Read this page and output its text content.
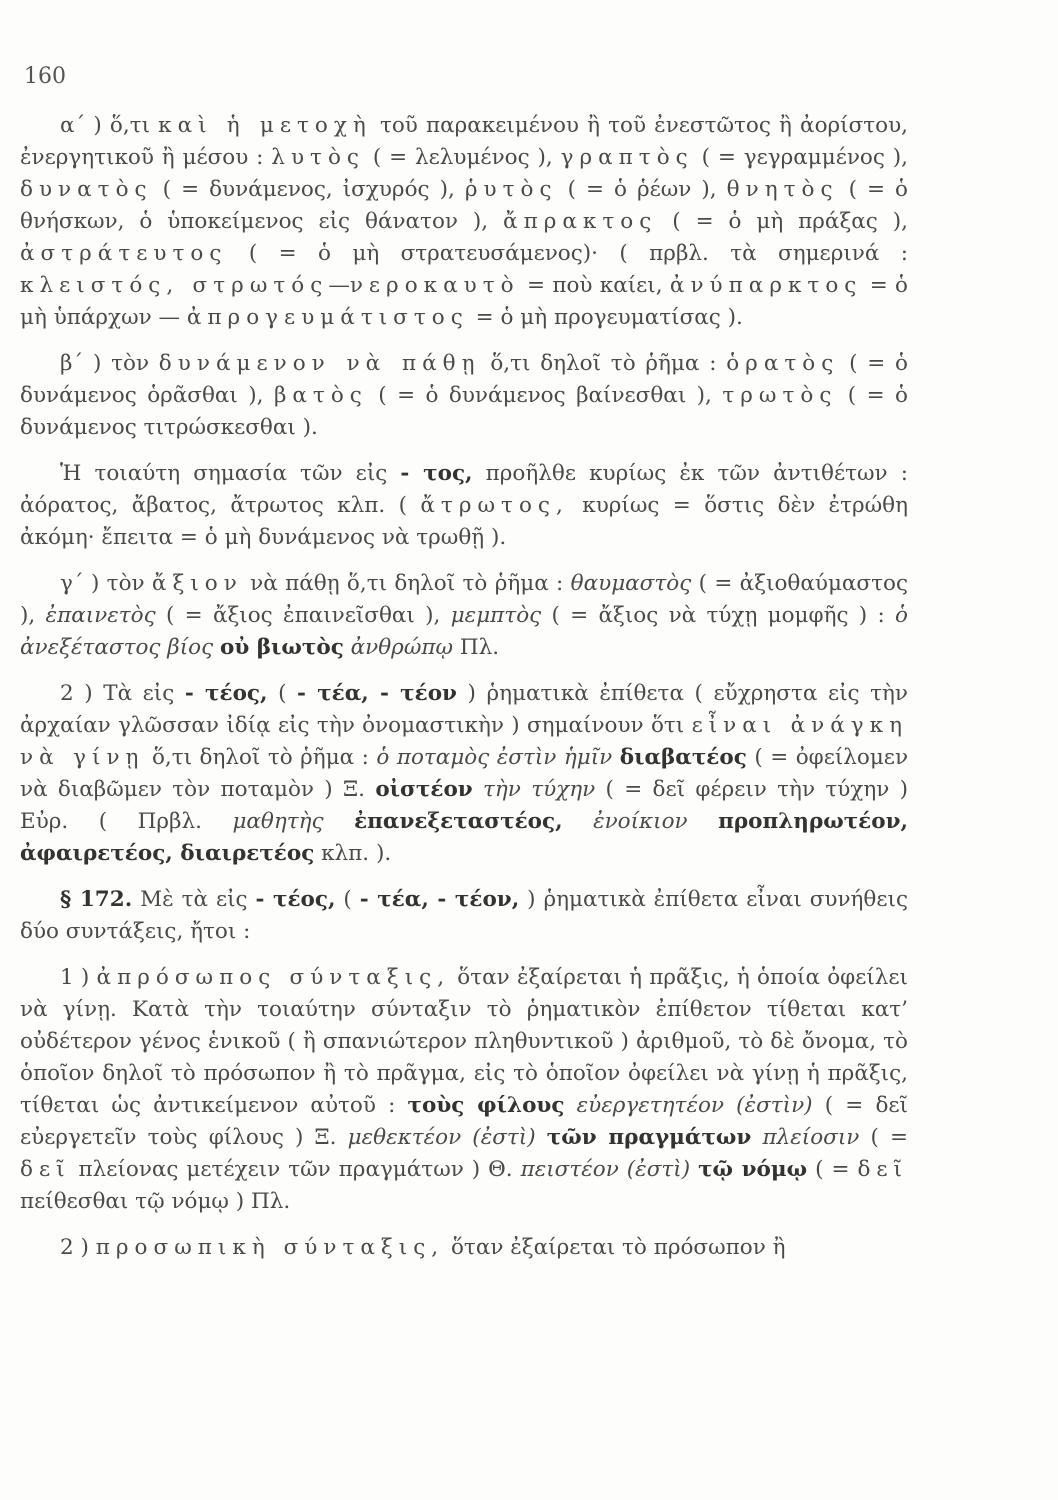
160

α΄ ) ὅ,τι καὶ ἡ μετοχὴ τοῦ παρακειμένου ἢ τοῦ ἐνεστῶτος ἢ ἀορίστου, ἐνεργητικοῦ ἢ μέσου : λυτὸς ( = λελυμένος ), γραπτὸς ( = γεγραμμένος ), δυνατὸς ( = δυνάμενος, ἰσχυρός ), ῥυτὸς ( = ὁ ῥέων ), θνητὸς ( = ὁ θνήσκων, ὁ ὑποκείμενος εἰς θάνατον ), ἄπρακτος ( = ὁ μὴ πράξας ), ἀστράτευτος ( = ὁ μὴ στρατευσάμενος)· ( πρβλ. τὰ σημερινά : κλειστός, στρωτός—νεροκαυτὸ = ποὺ καίει, ἀνύπαρκτος = ὁ μὴ ὑπάρχων — ἀπρογευμάτιστος = ὁ μὴ προγευματίσας ).

β΄ ) τὸν δυνάμενον νὰ πάθῃ ὅ,τι δηλοῖ τὸ ῥῆμα : ὁρατὸς ( = ὁ δυνάμενος ὁρᾶσθαι ), βατὸς ( = ὁ δυνάμενος βαίνεσθαι ), τρωτὸς ( = ὁ δυνάμενος τιτρώσκεσθαι ).

Ἡ τοιαύτη σημασία τῶν εἰς - τος, προῆλθε κυρίως ἐκ τῶν ἀντιθέτων : ἀόρατος, ἄβατος, ἄτρωτος κλπ. ( ἄτρωτος, κυρίως = ὅστις δὲν ἐτρώθη ἀκόμη· ἔπειτα = ὁ μὴ δυνάμενος νὰ τρωθῇ ).

γ΄ ) τὸν ἄξιον νὰ πάθῃ ὅ,τι δηλοῖ τὸ ῥῆμα : θαυμαστὸς ( = ἀξιοθαύμαστος ), ἐπαινετὸς ( = ἄξιος ἐπαινεῖσθαι ), μεμπτὸς ( = ἄξιος νὰ τύχῃ μομφῆς ) : ὁ ἀνεξέταστος βίος οὐ βιωτὸς ἀνθρώπῳ Πλ.

2 ) Τὰ εἰς - τέος, ( - τέα, - τέον ) ῥηματικὰ ἐπίθετα ( εὔχρηστα εἰς τὴν ἀρχαίαν γλῶσσαν ἰδίᾳ εἰς τὴν ὀνομαστικὴν ) σημαίνουν ὅτι εἶναι ἀνάγκη νὰ γίνῃ ὅ,τι δηλοῖ τὸ ῥῆμα : ὁ ποταμὸς ἐστὶν ἡμῖν διαβατέος ( = ὀφείλομεν νὰ διαβῶμεν τὸν ποταμὸν ) Ξ. οἰστέον τὴν τύχην ( = δεῖ φέρειν τὴν τύχην ) Εὐρ. ( Πρβλ. μαθητὴς ἐπανεξεταστέος, ἐνοίκιον προπληρωτέον, ἀφαιρετέος, διαιρετέος κλπ. ).

§ 172. Μὲ τὰ εἰς - τέος, ( - τέα, - τέον, ) ῥηματικὰ ἐπίθετα εἶναι συνήθεις δύο συντάξεις, ἤτοι :

1 ) ἀπρόσωπος σύνταξις, ὅταν ἐξαίρεται ἡ πρᾶξις, ἡ ὁποία ὀφείλει νὰ γίνῃ. Κατὰ τὴν τοιαύτην σύνταξιν τὸ ῥηματικὸν ἐπίθετον τίθεται κατ’ οὐδέτερον γένος ἑνικοῦ ( ἢ σπανιώτερον πληθυντικοῦ ) ἀριθμοῦ, τὸ δὲ ὄνομα, τὸ ὁποῖον δηλοῖ τὸ πρόσωπον ἢ τὸ πρᾶγμα, εἰς τὸ ὁποῖον ὀφείλει νὰ γίνῃ ἡ πρᾶξις, τίθεται ὡς ἀντικείμενον αὐτοῦ : τοὺς φίλους εὐεργετητέον (ἐστὶν) ( = δεῖ εὐεργετεῖν τοὺς φίλους ) Ξ. μεθεκτέον (ἐστὶ) τῶν πραγμάτων πλείοσιν ( = δεῖ πλείονας μετέχειν τῶν πραγμάτων ) Θ. πειστέον (ἐστὶ) τῷ νόμῳ ( = δεῖ πείθεσθαι τῷ νόμῳ ) Πλ.

2 ) προσωπικὴ σύνταξις, ὅταν ἐξαίρεται τὸ πρόσωπον ἢ
